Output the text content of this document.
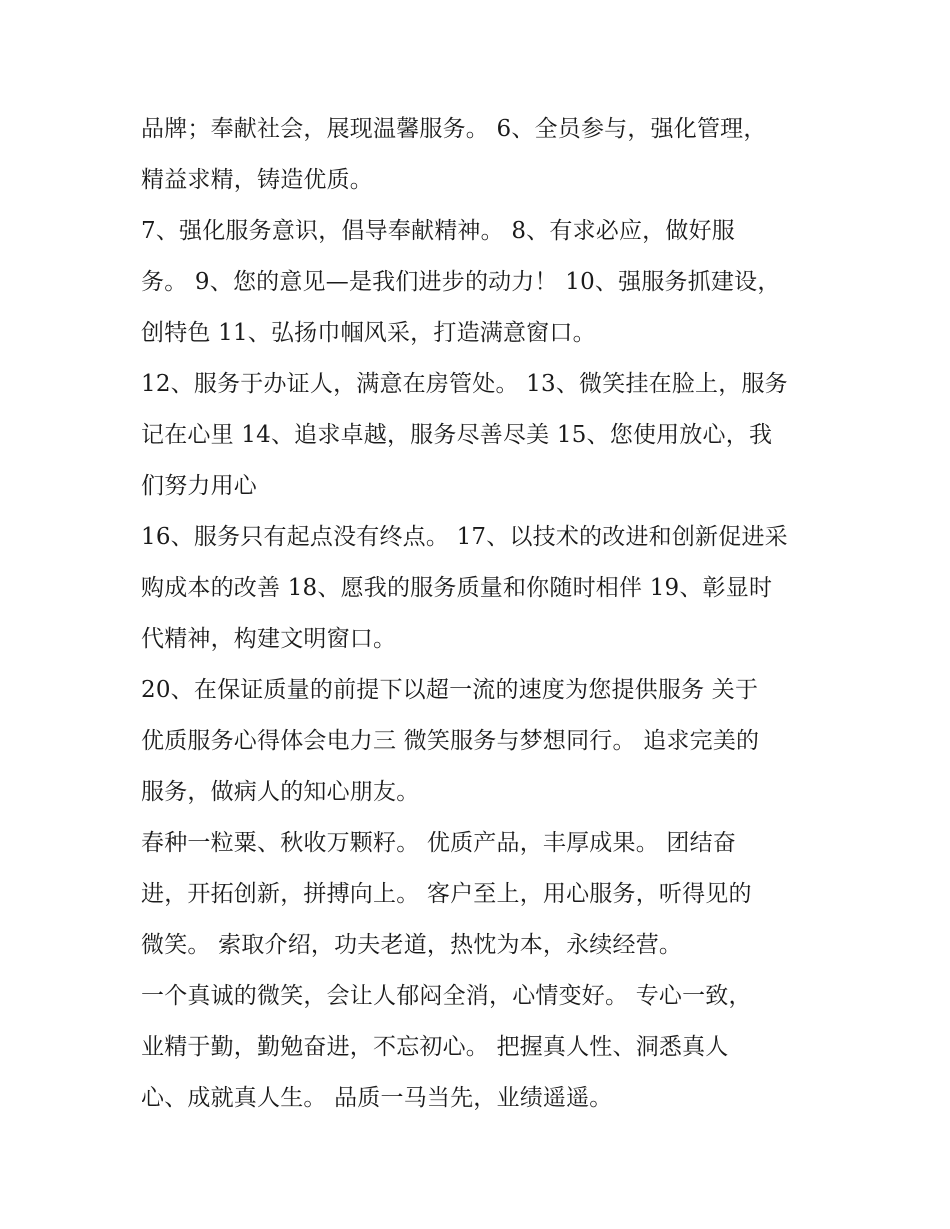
品牌；奉献社会，展现温馨服务。 6、全员参与，强化管理，
精益求精，铸造优质。
7、强化服务意识，倡导奉献精神。 8、有求必应，做好服
务。 9、您的意见—是我们进步的动力！ 10、强服务抓建设，
创特色 11、弘扬巾帼风采，打造满意窗口。
12、服务于办证人，满意在房管处。 13、微笑挂在脸上，服务
记在心里 14、追求卓越，服务尽善尽美 15、您使用放心，我
们努力用心
16、服务只有起点没有终点。 17、以技术的改进和创新促进采
购成本的改善 18、愿我的服务质量和你随时相伴 19、彰显时
代精神，构建文明窗口。
20、在保证质量的前提下以超一流的速度为您提供服务 关于
优质服务心得体会电力三 微笑服务与梦想同行。 追求完美的
服务，做病人的知心朋友。
春种一粒粟、秋收万颗籽。 优质产品，丰厚成果。 团结奋
进，开拓创新，拼搏向上。 客户至上，用心服务，听得见的
微笑。 索取介绍，功夫老道，热忱为本，永续经营。
一个真诚的微笑，会让人郁闷全消，心情变好。 专心一致，
业精于勤，勤勉奋进，不忘初心。 把握真人性、洞悉真人
心、成就真人生。 品质一马当先，业绩遥遥。
